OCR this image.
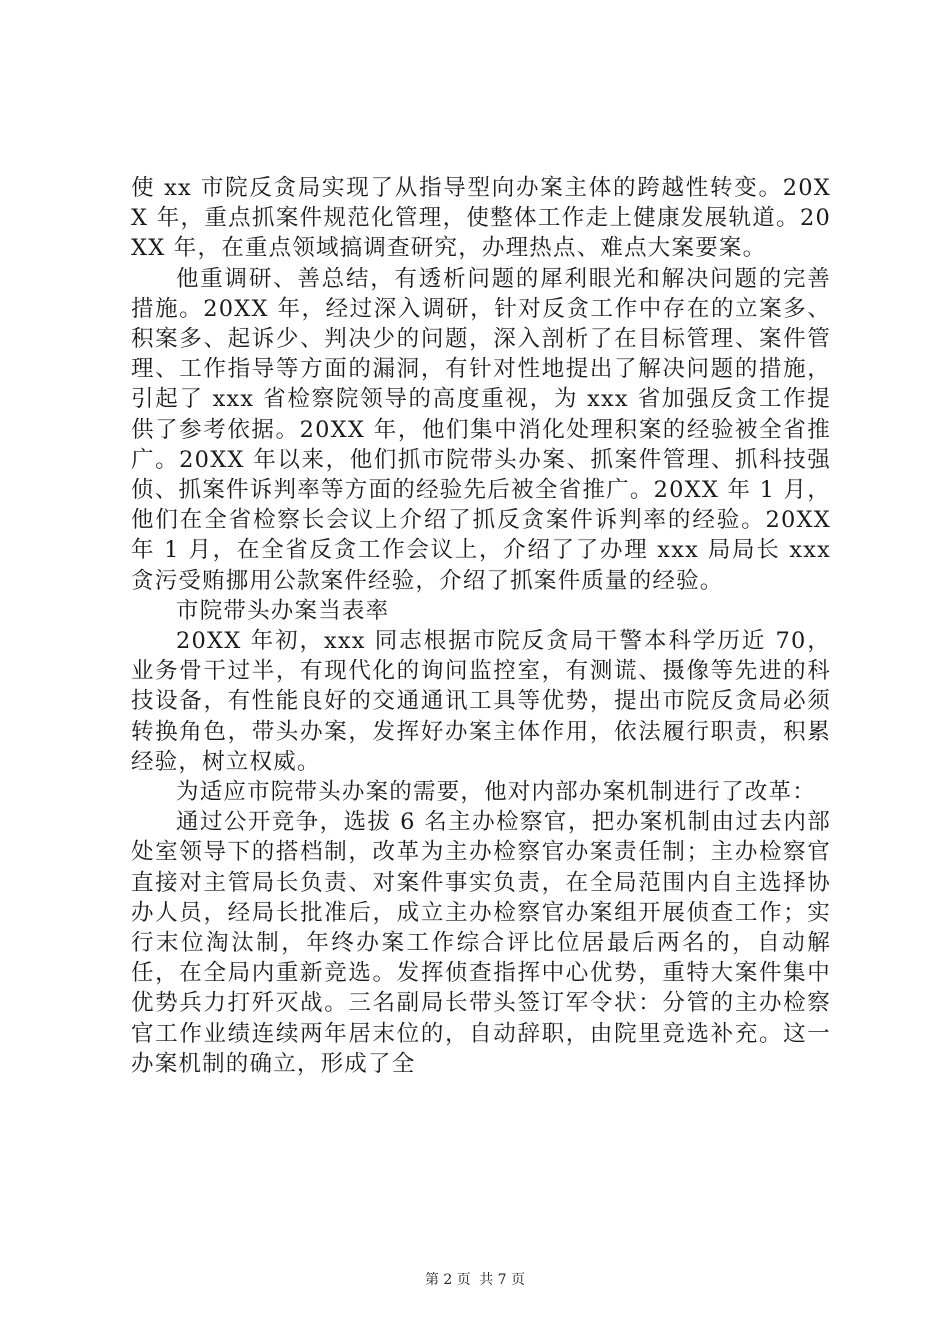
使 xx 市院反贪局实现了从指导型向办案主体的跨越性转变。20XX 年，重点抓案件规范化管理，使整体工作走上健康发展轨道。20XX 年，在重点领域搞调查研究，办理热点、难点大案要案。

他重调研、善总结，有透析问题的犀利眼光和解决问题的完善措施。20XX 年，经过深入调研，针对反贪工作中存在的立案多、积案多、起诉少、判决少的问题，深入剖析了在目标管理、案件管理、工作指导等方面的漏洞，有针对性地提出了解决问题的措施，引起了 xxx 省检察院领导的高度重视，为 xxx 省加强反贪工作提供了参考依据。20XX 年，他们集中消化处理积案的经验被全省推广。20XX 年以来，他们抓市院带头办案、抓案件管理、抓科技强侦、抓案件诉判率等方面的经验先后被全省推广。20XX 年 1 月，他们在全省检察长会议上介绍了抓反贪案件诉判率的经验。20XX 年 1 月，在全省反贪工作会议上，介绍了了办理 xxx 局局长 xxx 贪污受贿挪用公款案件经验，介绍了抓案件质量的经验。

市院带头办案当表率

20XX 年初，xxx 同志根据市院反贪局干警本科学历近 70，业务骨干过半，有现代化的询问监控室，有测谎、摄像等先进的科技设备，有性能良好的交通通讯工具等优势，提出市院反贪局必须转换角色，带头办案，发挥好办案主体作用，依法履行职责，积累经验，树立权威。

为适应市院带头办案的需要，他对内部办案机制进行了改革：

通过公开竞争，选拔 6 名主办检察官，把办案机制由过去内部处室领导下的搭档制，改革为主办检察官办案责任制；主办检察官直接对主管局长负责、对案件事实负责，在全局范围内自主选择协办人员，经局长批准后，成立主办检察官办案组开展侦查工作；实行末位淘汰制，年终办案工作综合评比位居最后两名的，自动解任，在全局内重新竞选。发挥侦查指挥中心优势，重特大案件集中优势兵力打歼灭战。三名副局长带头签订军令状：分管的主办检察官工作业绩连续两年居末位的，自动辞职，由院里竞选补充。这一办案机制的确立，形成了全

第 2 页 共 7 页
